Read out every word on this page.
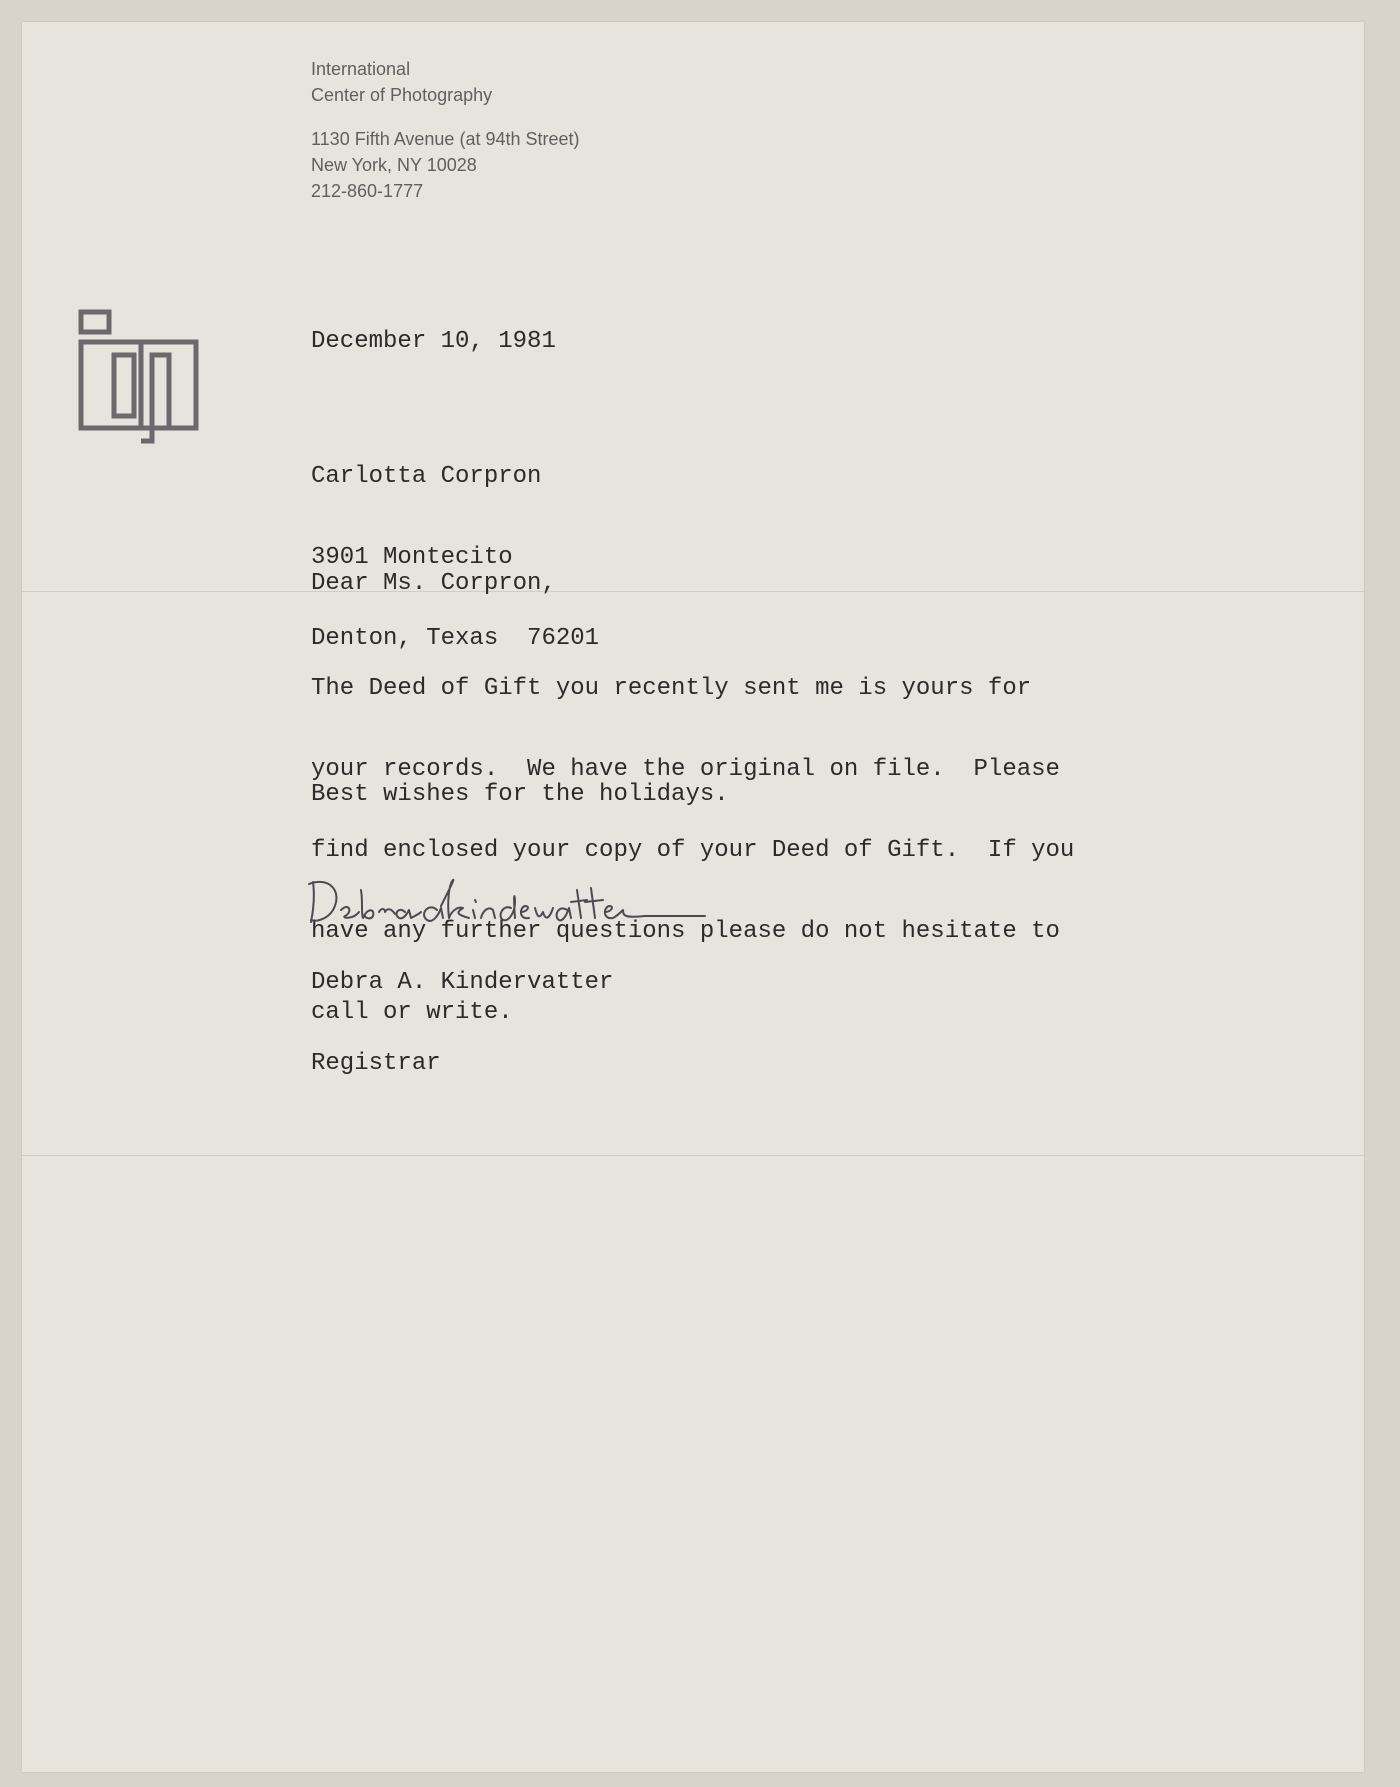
International
Center of Photography
1130 Fifth Avenue (at 94th Street)
New York, NY 10028
212-860-1777
December 10, 1981

Carlotta Corpron

3901 Montecito

Denton, Texas  76201

Dear Ms. Corpron,

The Deed of Gift you recently sent me is yours for

your records.  We have the original on file.  Please

find enclosed your copy of your Deed of Gift.  If you

have any further questions please do not hesitate to

call or write.

Best wishes for the holidays.

Debra A. Kindervatter

Registrar
